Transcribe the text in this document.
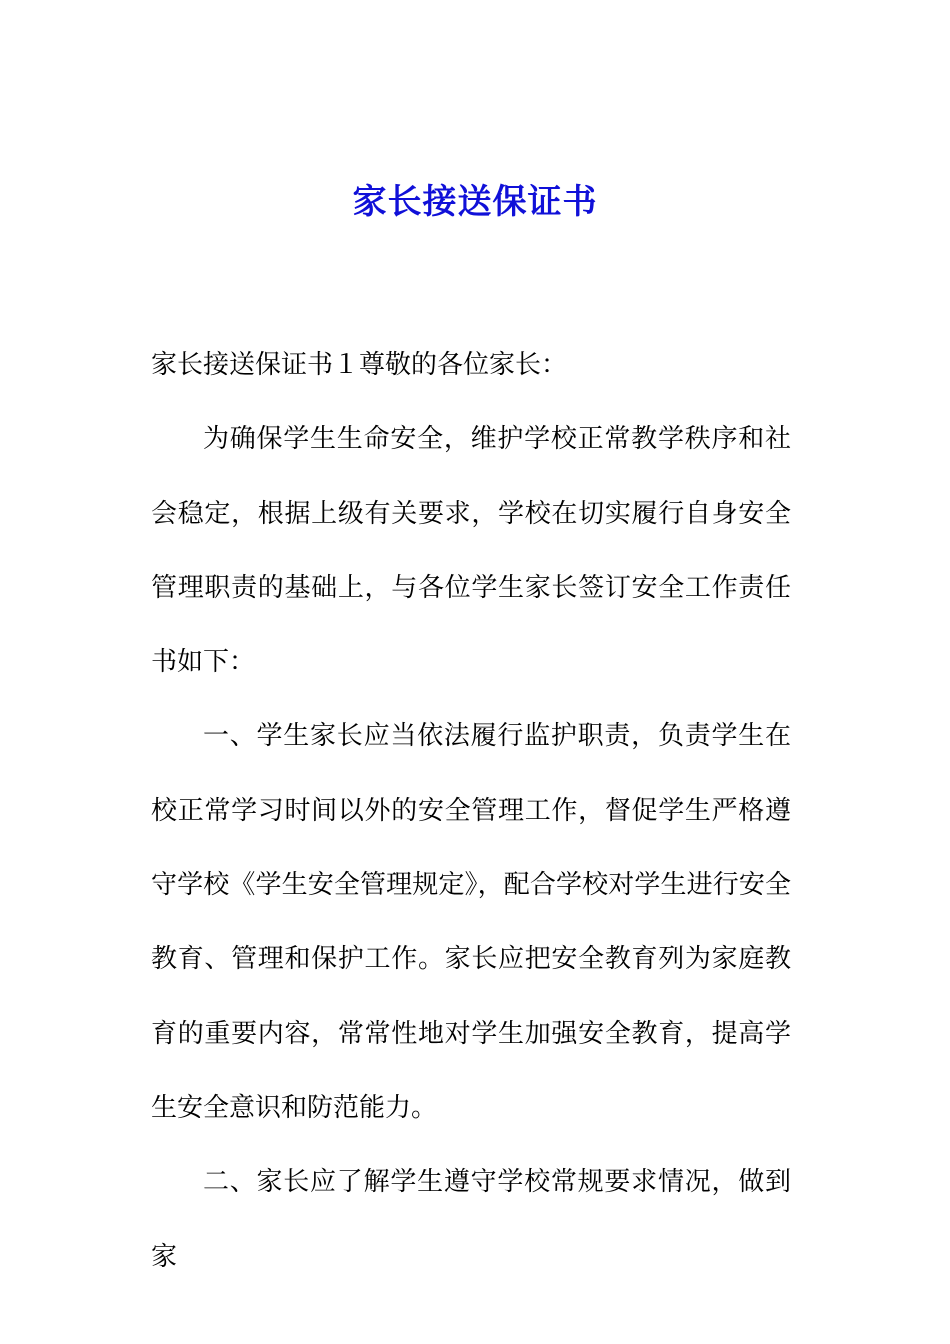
家长接送保证书

家长接送保证书１尊敬的各位家长：

为确保学生生命安全，维护学校正常教学秩序和社会稳定，根据上级有关要求，学校在切实履行自身安全管理职责的基础上，与各位学生家长签订安全工作责任书如下：

一、学生家长应当依法履行监护职责，负责学生在校正常学习时间以外的安全管理工作，督促学生严格遵守学校《学生安全管理规定》，配合学校对学生进行安全教育、管理和保护工作。家长应把安全教育列为家庭教育的重要内容，常常性地对学生加强安全教育，提高学生安全意识和防范能力。

二、家长应了解学生遵守学校常规要求情况，做到家
